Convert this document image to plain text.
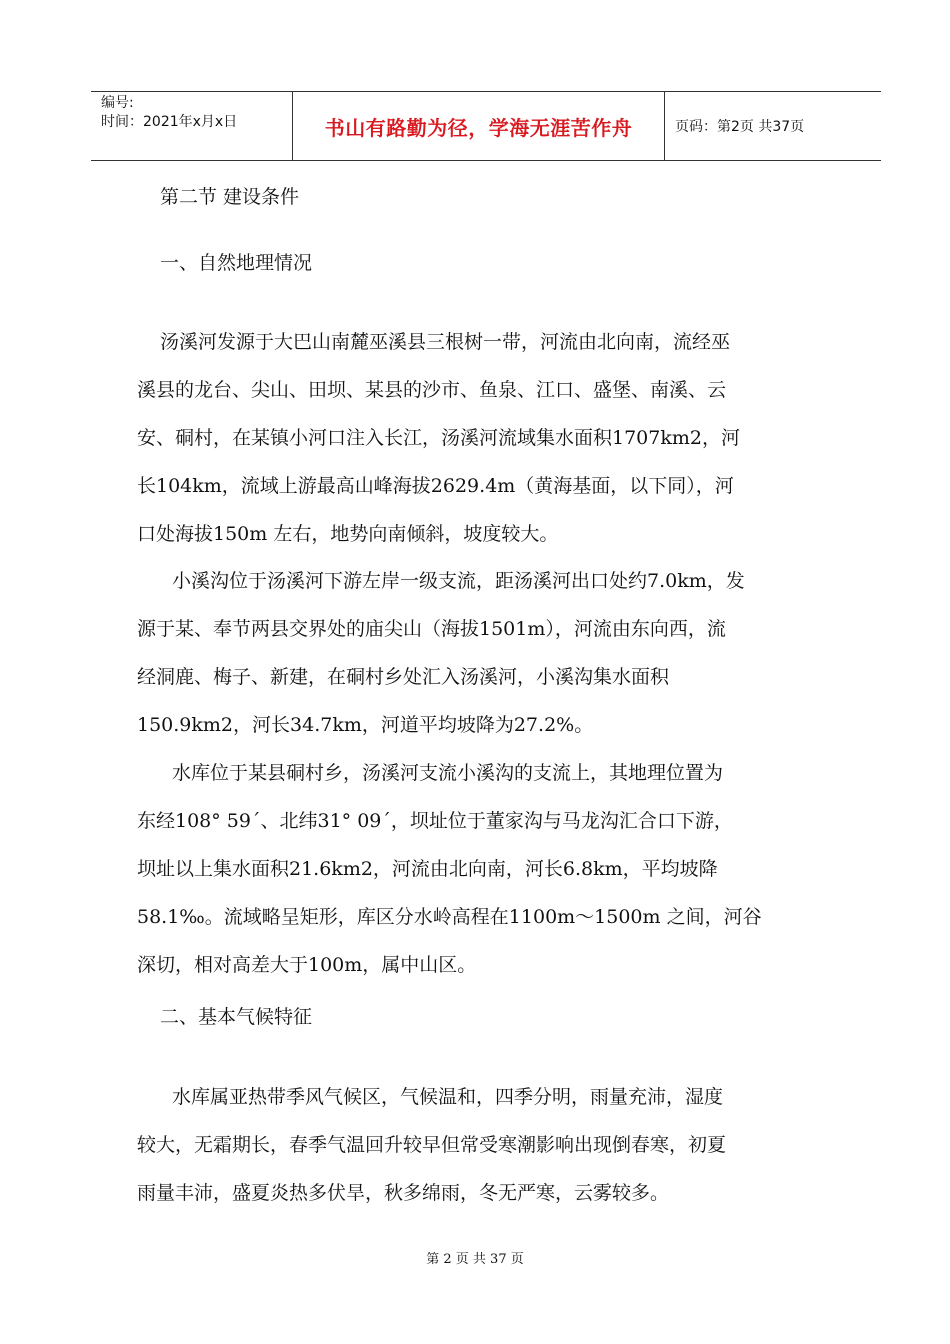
编号:
时间：2021年x月x日	书山有路勤为径，学海无涯苦作舟	页码：第2页 共37页
第二节 建设条件
一、自然地理情况
汤溪河发源于大巴山南麓巫溪县三根树一带，河流由北向南，流经巫
溪县的龙台、尖山、田坝、某县的沙市、鱼泉、江口、盛堡、南溪、云
安、硐村，在某镇小河口注入长江，汤溪河流域集水面积1707km2，河
长104km，流域上游最高山峰海拔2629.4m（黄海基面，以下同），河
口处海拔150m 左右，地势向南倾斜，坡度较大。
小溪沟位于汤溪河下游左岸一级支流，距汤溪河出口处约7.0km，发
源于某、奉节两县交界处的庙尖山（海拔1501m），河流由东向西，流
经洞鹿、梅子、新建，在硐村乡处汇入汤溪河，小溪沟集水面积
150.9km2，河长34.7km，河道平均坡降为27.2%。
水库位于某县硐村乡，汤溪河支流小溪沟的支流上，其地理位置为
东经108° 59´、北纬31° 09´，坝址位于董家沟与马龙沟汇合口下游，
坝址以上集水面积21.6km2，河流由北向南，河长6.8km，平均坡降
58.1‰。流域略呈矩形，库区分水岭高程在1100m～1500m 之间，河谷
深切，相对高差大于100m，属中山区。
二、基本气候特征
水库属亚热带季风气候区，气候温和，四季分明，雨量充沛，湿度
较大，无霜期长，春季气温回升较早但常受寒潮影响出现倒春寒，初夏
雨量丰沛，盛夏炎热多伏旱，秋多绵雨，冬无严寒，云雾较多。
第 2 页 共 37 页
